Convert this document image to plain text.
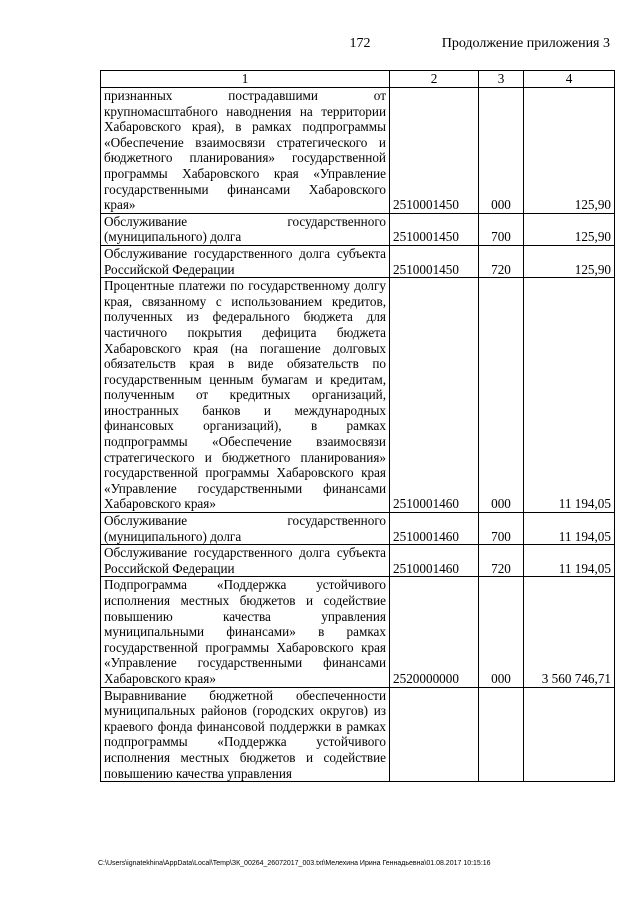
172	Продолжение приложения 3
1	2	3	4
признанных пострадавшими от крупномасштабного наводнения на территории Хабаровского края), в рамках подпрограммы «Обеспечение взаимосвязи стратегического и бюджетного планирования» государственной программы Хабаровского края «Управление государственными финансами Хабаровского края»	2510001450	000	125,90
Обслуживание государственного (муниципального) долга	2510001450	700	125,90
Обслуживание государственного долга субъекта Российской Федерации	2510001450	720	125,90
Процентные платежи по государственному долгу края, связанному с использованием кредитов, полученных из федерального бюджета для частичного покрытия дефицита бюджета Хабаровского края (на погашение долговых обязательств края в виде обязательств по государственным ценным бумагам и кредитам, полученным от кредитных организаций, иностранных банков и международных финансовых организаций), в рамках подпрограммы «Обеспечение взаимосвязи стратегического и бюджетного планирования» государственной программы Хабаровского края «Управление государственными финансами Хабаровского края»	2510001460	000	11 194,05
Обслуживание государственного (муниципального) долга	2510001460	700	11 194,05
Обслуживание государственного долга субъекта Российской Федерации	2510001460	720	11 194,05
Подпрограмма «Поддержка устойчивого исполнения местных бюджетов и содействие повышению качества управления муниципальными финансами» в рамках государственной программы Хабаровского края «Управление государственными финансами Хабаровского края»	2520000000	000	3 560 746,71
Выравнивание бюджетной обеспеченности муниципальных районов (городских округов) из краевого фонда финансовой поддержки в рамках подпрограммы «Поддержка устойчивого исполнения местных бюджетов и содействие повышению качества управления			
C:\Users\ignatekhina\AppData\Local\Temp\ЗК_00264_26072017_003.txt\Мелехина Ирина Геннадьевна\01.08.2017 10:15:16
